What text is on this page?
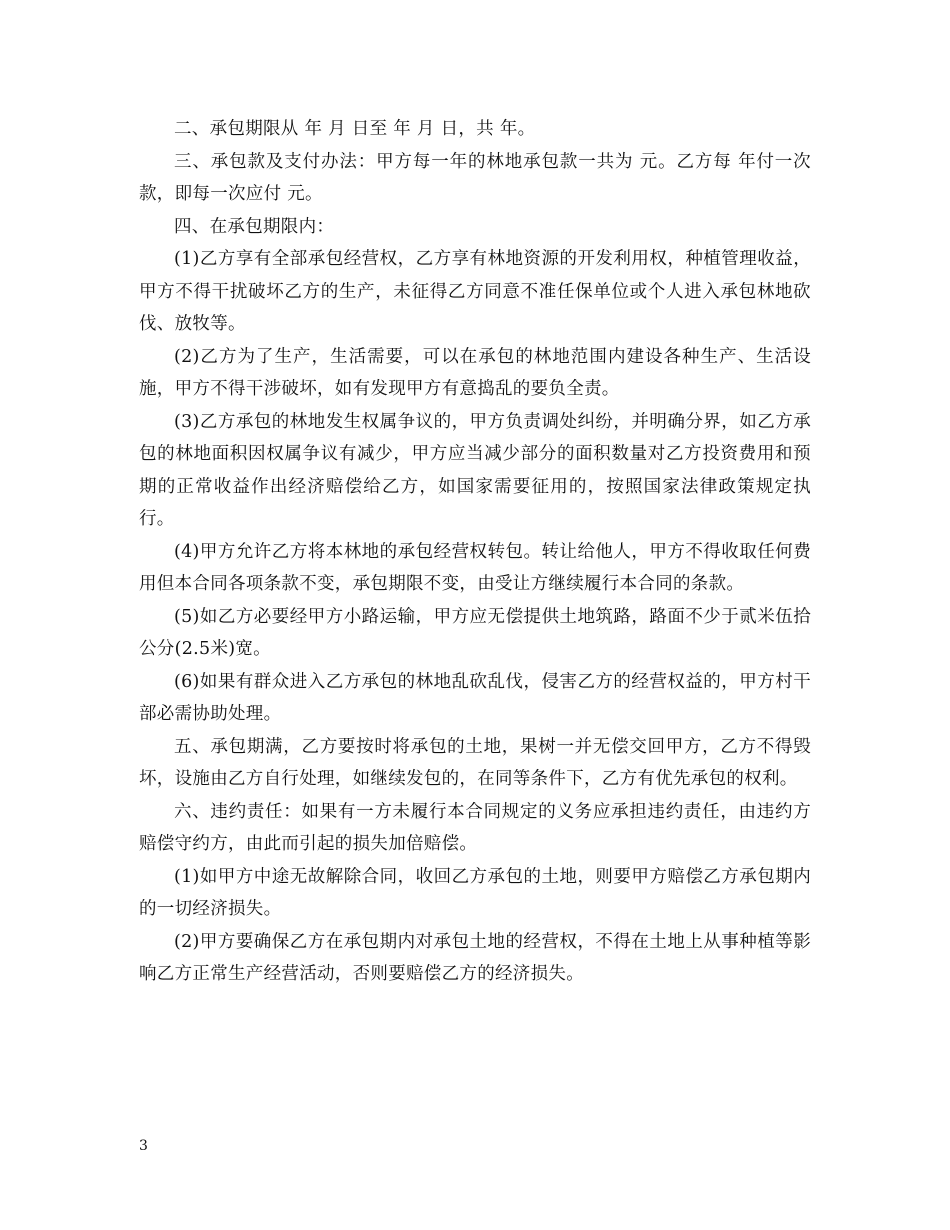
二、承包期限从 年 月 日至 年 月 日，共 年。

三、承包款及支付办法：甲方每一年的林地承包款一共为 元。乙方每 年付一次款，即每一次应付 元。

四、在承包期限内：

(1)乙方享有全部承包经营权，乙方享有林地资源的开发利用权，种植管理收益，甲方不得干扰破坏乙方的生产，未征得乙方同意不准任保单位或个人进入承包林地砍伐、放牧等。

(2)乙方为了生产，生活需要，可以在承包的林地范围内建设各种生产、生活设施，甲方不得干涉破坏，如有发现甲方有意捣乱的要负全责。

(3)乙方承包的林地发生权属争议的，甲方负责调处纠纷，并明确分界，如乙方承包的林地面积因权属争议有减少，甲方应当减少部分的面积数量对乙方投资费用和预期的正常收益作出经济赔偿给乙方，如国家需要征用的，按照国家法律政策规定执行。

(4)甲方允许乙方将本林地的承包经营权转包。转让给他人，甲方不得收取任何费用但本合同各项条款不变，承包期限不变，由受让方继续履行本合同的条款。

(5)如乙方必要经甲方小路运输，甲方应无偿提供土地筑路，路面不少于贰米伍拾公分(2.5米)宽。

(6)如果有群众进入乙方承包的林地乱砍乱伐，侵害乙方的经营权益的，甲方村干部必需协助处理。

五、承包期满，乙方要按时将承包的土地，果树一并无偿交回甲方，乙方不得毁坏，设施由乙方自行处理，如继续发包的，在同等条件下，乙方有优先承包的权利。

六、违约责任：如果有一方未履行本合同规定的义务应承担违约责任，由违约方赔偿守约方，由此而引起的损失加倍赔偿。

(1)如甲方中途无故解除合同，收回乙方承包的土地，则要甲方赔偿乙方承包期内的一切经济损失。

(2)甲方要确保乙方在承包期内对承包土地的经营权，不得在土地上从事种植等影响乙方正常生产经营活动，否则要赔偿乙方的经济损失。

3
